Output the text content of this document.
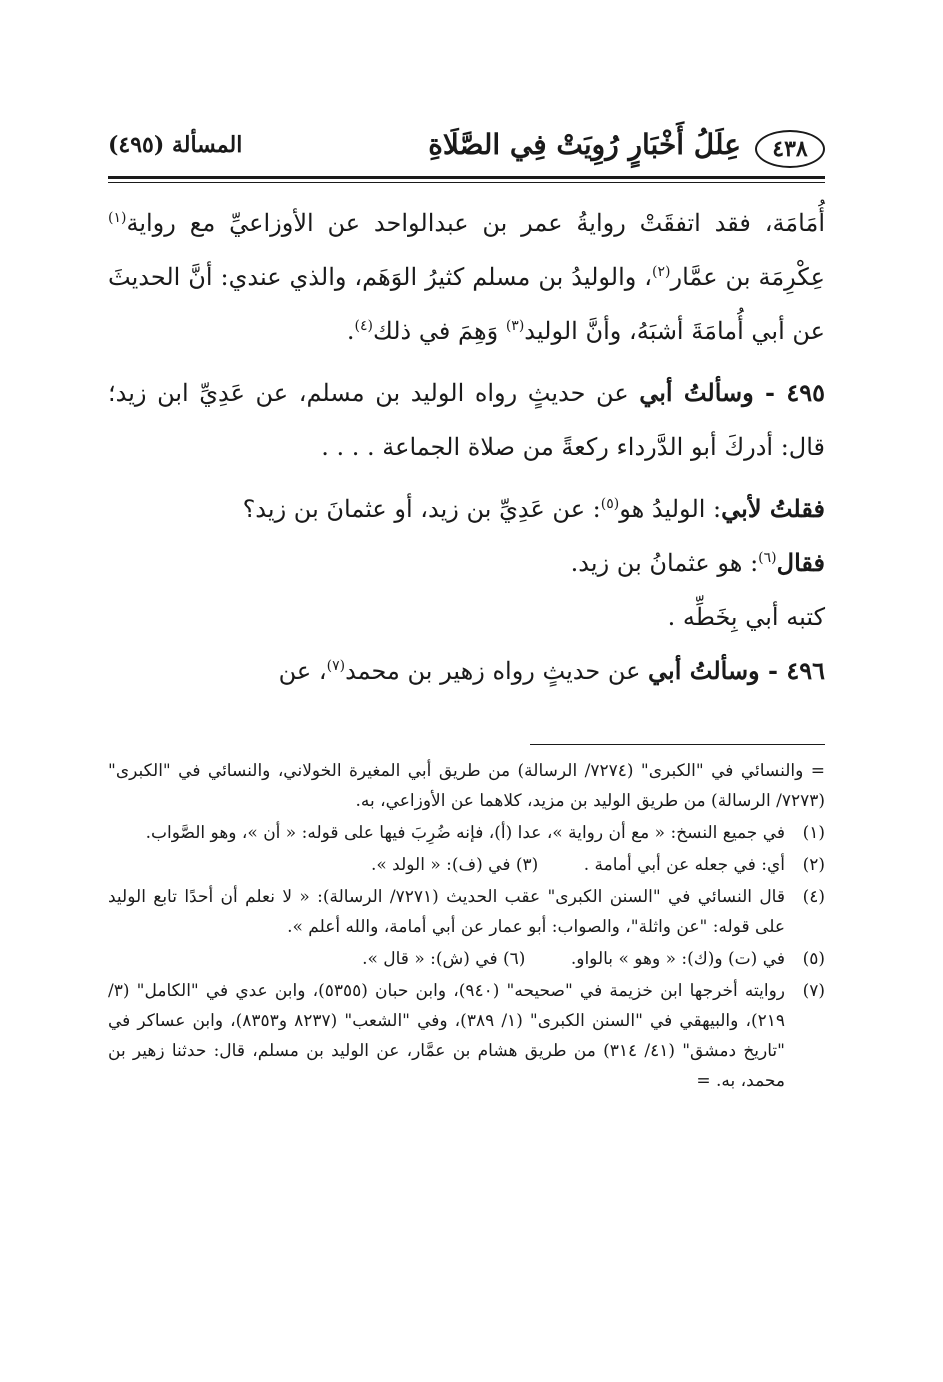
٤٣٨
عِلَلُ أَخْبَارٍ رُوِيَتْ فِي الصَّلَاةِ
المسألة (٤٩٥)

أُمَامَة، فقد اتفقَتْ روايةُ عمر بن عبدالواحد عن الأوزاعيِّ مع رواية$^{(١)}$ عِكْرِمَة بن عمَّار$^{(٢)}$، والوليدُ بن مسلم كثيرُ الوَهَم، والذي عندي: أنَّ الحديثَ عن أبي أُمامَةَ أشبَهُ، وأنَّ الوليد$^{(٣)}$ وَهِمَ في ذلك$^{(٤)}$.

٤٩٥ - وسألتُ أبي عن حديثٍ رواه الوليد بن مسلم، عن عَدِيِّ ابن زيد؛ قال: أدركَ أبو الدَّرداء ركعةً من صلاة الجماعة . . . .

فقلتُ لأبي: الوليدُ هو$^{(٥)}$: عن عَدِيِّ بن زيد، أو عثمانَ بن زيد؟

فقال$^{(٦)}$: هو عثمانُ بن زيد.

كتبه أبي بِخَطِّه .

٤٩٦ - وسألتُ أبي عن حديثٍ رواه زهير بن محمد$^{(٧)}$، عن

= والنسائي في "الكبرى" (٧٢٧٤/ الرسالة) من طريق أبي المغيرة الخولاني، والنسائي في "الكبرى" (٧٢٧٣/ الرسالة) من طريق الوليد بن مزيد، كلاهما عن الأوزاعي، به.
(١)
في جميع النسخ: « مع أن رواية »، عدا (أ)، فإنه ضُرِبَ فيها على قوله: « أن »، وهو الصَّواب.
(٢)
أي: في جعله عن أبي أمامة . (٣) في (ف): « الولد ».
(٤)
قال النسائي في "السنن الكبرى" عقب الحديث (٧٢٧١/ الرسالة): « لا نعلم أن أحدًا تابع الوليد على قوله: "عن واثلة"، والصواب: أبو عمار عن أبي أمامة، والله أعلم ».
(٥)
في (ت) و(ك): « وهو » بالواو. (٦) في (ش): « قال ».
(٧)
روايته أخرجها ابن خزيمة في "صحيحه" (٩٤٠)، وابن حبان (٥٣٥٥)، وابن عدي في "الكامل" (٣/ ٢١٩)، والبيهقي في "السنن الكبرى" (١/ ٣٨٩)، وفي "الشعب" (٨٢٣٧ و٨٣٥٣)، وابن عساكر في "تاريخ دمشق" (٤١/ ٣١٤) من طريق هشام بن عمَّار، عن الوليد بن مسلم، قال: حدثنا زهير بن محمد، به. =
